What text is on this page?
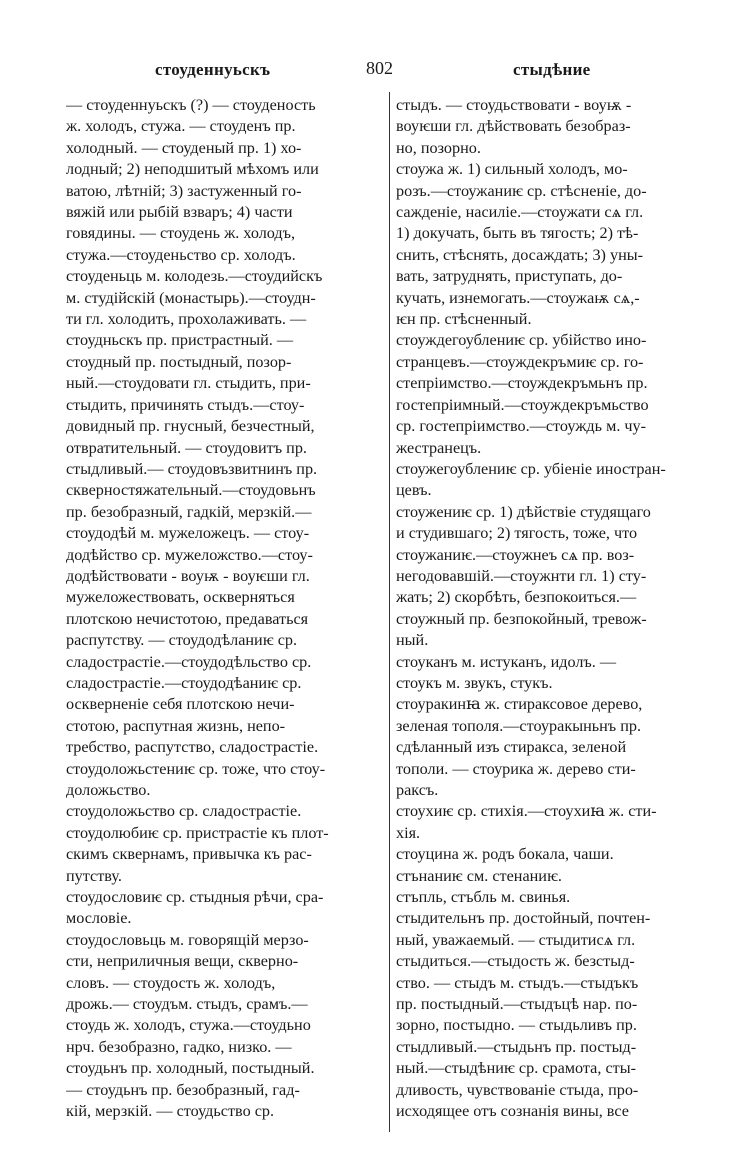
стоуденнуьскъ	802	стыдѣние
— стоуденнуьскъ (?) — стоуденость
ж. холодъ, стужа. — стоуденъ пр.
холодный. — стоуденый пр. 1) хо-
лодный; 2) неподшитый мѣхомъ или
ватою, лѣтній; 3) застуженный го-
вяжій или рыбій взваръ; 4) части
говядины. — стоудень ж. холодъ,
стужа.—стоуденьство ср. холодъ.
стоуденьць м. колодезь.—стоудийскъ
м. студійскій (монастырь).—стоудн-
ти гл. холодить, прохолаживать. —
стоудньскъ пр. пристрастный. —
стоудный пр. постыдный, позор-
ный.—стоудовати гл. стыдить, при-
стыдить, причинять стыдъ.—стоу-
довидный пр. гнусный, безчестный,
отвратительный. — стоудовитъ пр.
стыдливый.— стоудовъзвитнинъ пр.
скверностяжательный.—стоудовьнъ
пр. безобразный, гадкій, мерзкій.—
стоудодѣй м. мужеложецъ. — стоу-
додѣйство ср. мужеложство.—стоу-
додѣйствовати - воуѭ - воуѥши гл.
мужеложествовать, оскверняться
плотскою нечистотою, предаваться
распутству. — стоудодѣланиѥ ср.
сладострастіе.—стоудодѣльство ср.
сладострастіе.—стоудодѣаниѥ ср.
оскверненіе себя плотскою нечи-
стотою, распутная жизнь, непо-
требство, распутство, сладострастіе.
стоудоложьстениѥ ср. тоже, что стоу-
доложьство.
стоудоложьство ср. сладострастіе.
стоудолюбиѥ ср. пристрастіе къ плот-
скимъ сквернамъ, привычка къ рас-
путству.
стоудословиѥ ср. стыдныя рѣчи, сра-
мословіе.
стоудословьць м. говорящій мерзо-
сти, неприличныя вещи, скверно-
словъ. — стоудость ж. холодъ,
дрожь.— стоудъм. стыдъ, срамъ.—
стоудь ж. холодъ, стужа.—стоудьно
нрч. безобразно, гадко, низко. —
стоудьнъ пр. холодный, постыдный.
— стоудьнъ пр. безобразный, гад-
кій, мерзкій. — стоудьство ср.
стыдъ. — стоудьствовати - воуѭ -
воуѥши гл. дѣйствовать безобраз-
но, позорно.
стоужа ж. 1) сильный холодъ, мо-
розъ.—стоужаниѥ ср. стѣсненіе, до-
сажденіе, насиліе.—стоужати сѧ гл.
1) докучать, быть въ тягость; 2) тѣ-
снить, стѣснять, досаждать; 3) уны-
вать, затруднять, приступать, до-
кучать, изнемогать.—стоужаѭ сѧ,-
ѥн пр. стѣсненный.
стоуждегоублениѥ ср. убійство ино-
странцевъ.—стоуждекръмиѥ ср. го-
степріимство.—стоуждекръмьнъ пр.
гостепріимный.—стоуждекръмьство
ср. гостепріимство.—стоуждь м. чу-
жестранецъ.
стоужегоублениѥ ср. убіеніе иностран-
цевъ.
стоужениѥ ср. 1) дѣйствіе студящаго
и студившаго; 2) тягость, тоже, что
стоужаниѥ.—стоужнеъ сѧ пр. воз-
негодовавшій.—стоужнти гл. 1) сту-
жать; 2) скорбѣть, безпокоиться.—
стоужный пр. безпокойный, тревож-
ный.
стоуканъ м. истуканъ, идолъ. —
стоукъ м. звукъ, стукъ.
стоуракинꙗ ж. стираксовое дерево,
зеленая тополя.—стоуракыньнъ пр.
сдѣланный изъ стиракса, зеленой
тополи. — стоурика ж. дерево сти-
раксъ.
стоухиѥ ср. стихія.—стоухиꙗ ж. сти-
хія.
стоуцина ж. родъ бокала, чаши.
стънаниѥ см. стенаниѥ.
стъпль, стъбль м. свинья.
стыдительнъ пр. достойный, почтен-
ный, уважаемый. — стыдитисѧ гл.
стыдиться.—стыдость ж. безстыд-
ство. — стыдъ м. стыдъ.—стыдъкъ
пр. постыдный.—стыдъцѣ нар. по-
зорно, постыдно. — стыдьливъ пр.
стыдливый.—стыдьнъ пр. постыд-
ный.—стыдѣниѥ ср. срамота, сты-
дливость, чувствованіе стыда, про-
исходящее отъ сознанія вины, все
